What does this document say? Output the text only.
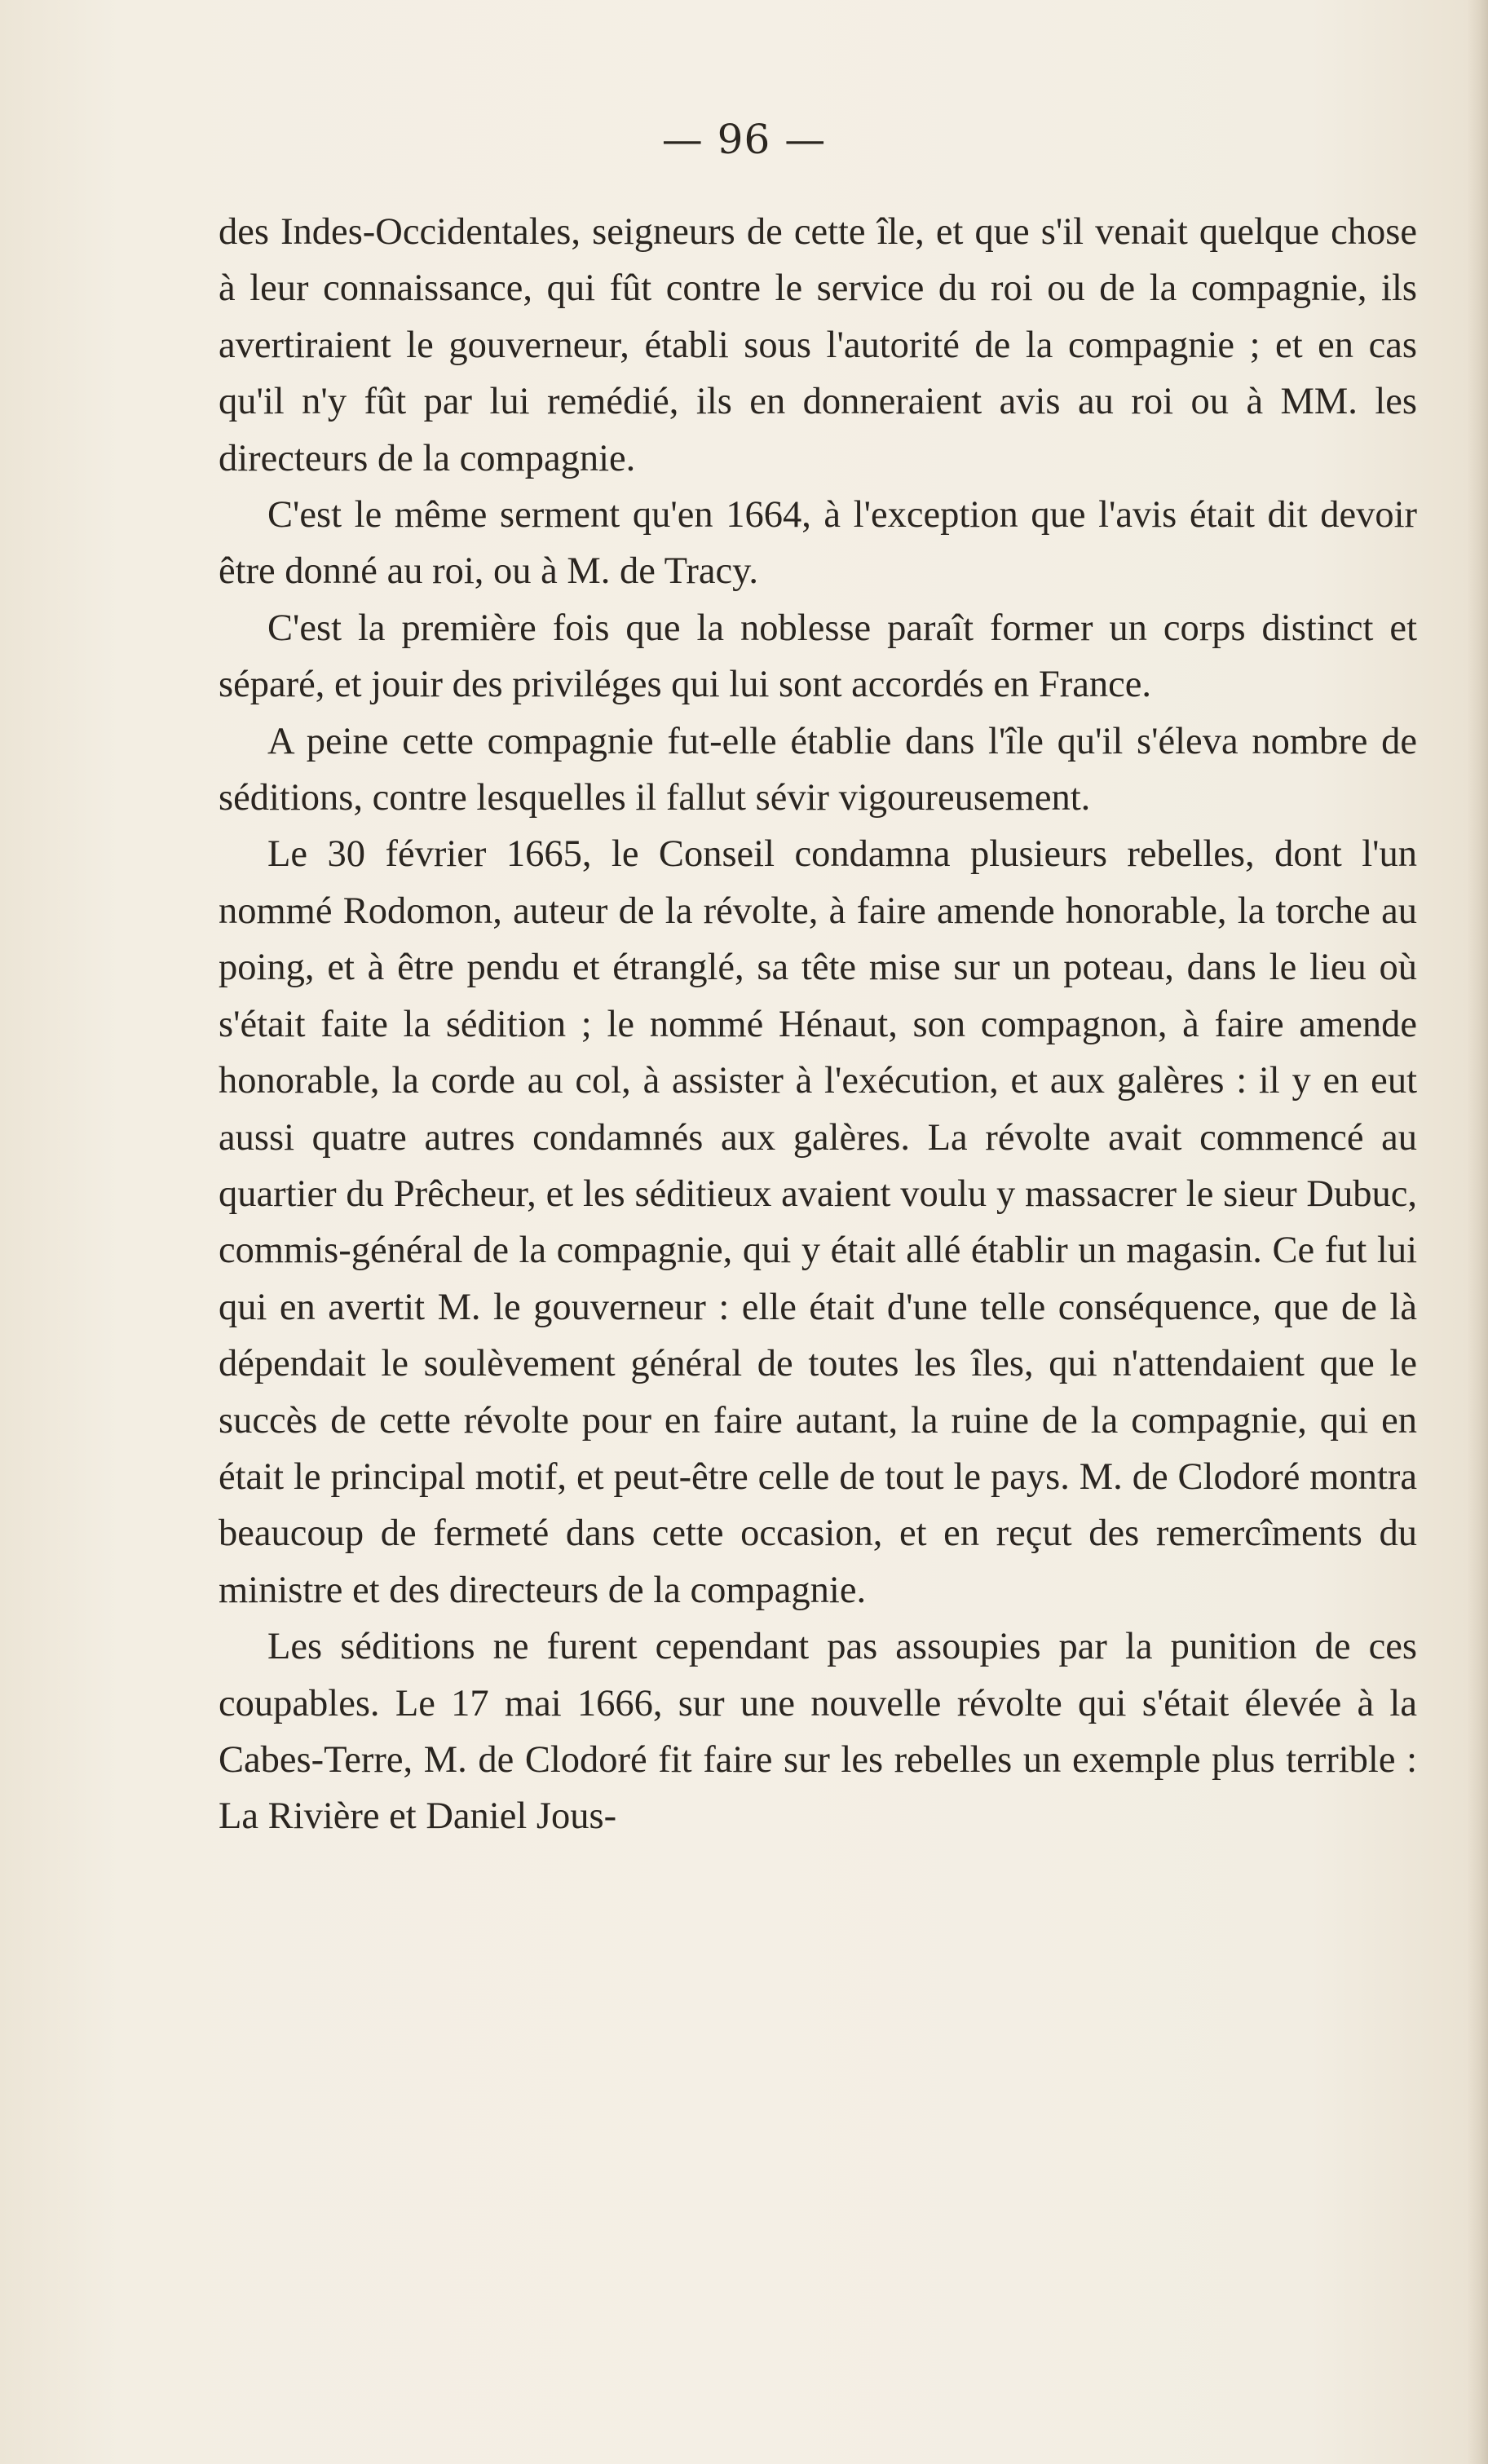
— 96 —

des Indes-Occidentales, seigneurs de cette île, et que s'il venait quelque chose à leur connaissance, qui fût contre le service du roi ou de la compagnie, ils avertiraient le gouverneur, établi sous l'autorité de la compagnie ; et en cas qu'il n'y fût par lui remédié, ils en donneraient avis au roi ou à MM. les directeurs de la compagnie.

C'est le même serment qu'en 1664, à l'exception que l'avis était dit devoir être donné au roi, ou à M. de Tracy.

C'est la première fois que la noblesse paraît former un corps distinct et séparé, et jouir des priviléges qui lui sont accordés en France.

A peine cette compagnie fut-elle établie dans l'île qu'il s'éleva nombre de séditions, contre lesquelles il fallut sévir vigoureusement.

Le 30 février 1665, le Conseil condamna plusieurs rebelles, dont l'un nommé Rodomon, auteur de la révolte, à faire amende honorable, la torche au poing, et à être pendu et étranglé, sa tête mise sur un poteau, dans le lieu où s'était faite la sédition ; le nommé Hénaut, son compagnon, à faire amende honorable, la corde au col, à assister à l'exécution, et aux galères : il y en eut aussi quatre autres condamnés aux galères. La révolte avait commencé au quartier du Prêcheur, et les séditieux avaient voulu y massacrer le sieur Dubuc, commis-général de la compagnie, qui y était allé établir un magasin. Ce fut lui qui en avertit M. le gouverneur : elle était d'une telle conséquence, que de là dépendait le soulèvement général de toutes les îles, qui n'attendaient que le succès de cette révolte pour en faire autant, la ruine de la compagnie, qui en était le principal motif, et peut-être celle de tout le pays. M. de Clodoré montra beaucoup de fermeté dans cette occasion, et en reçut des remercîments du ministre et des directeurs de la compagnie.

Les séditions ne furent cependant pas assoupies par la punition de ces coupables. Le 17 mai 1666, sur une nouvelle révolte qui s'était élevée à la Cabes-Terre, M. de Clodoré fit faire sur les rebelles un exemple plus terrible : La Rivière et Daniel Jous-
